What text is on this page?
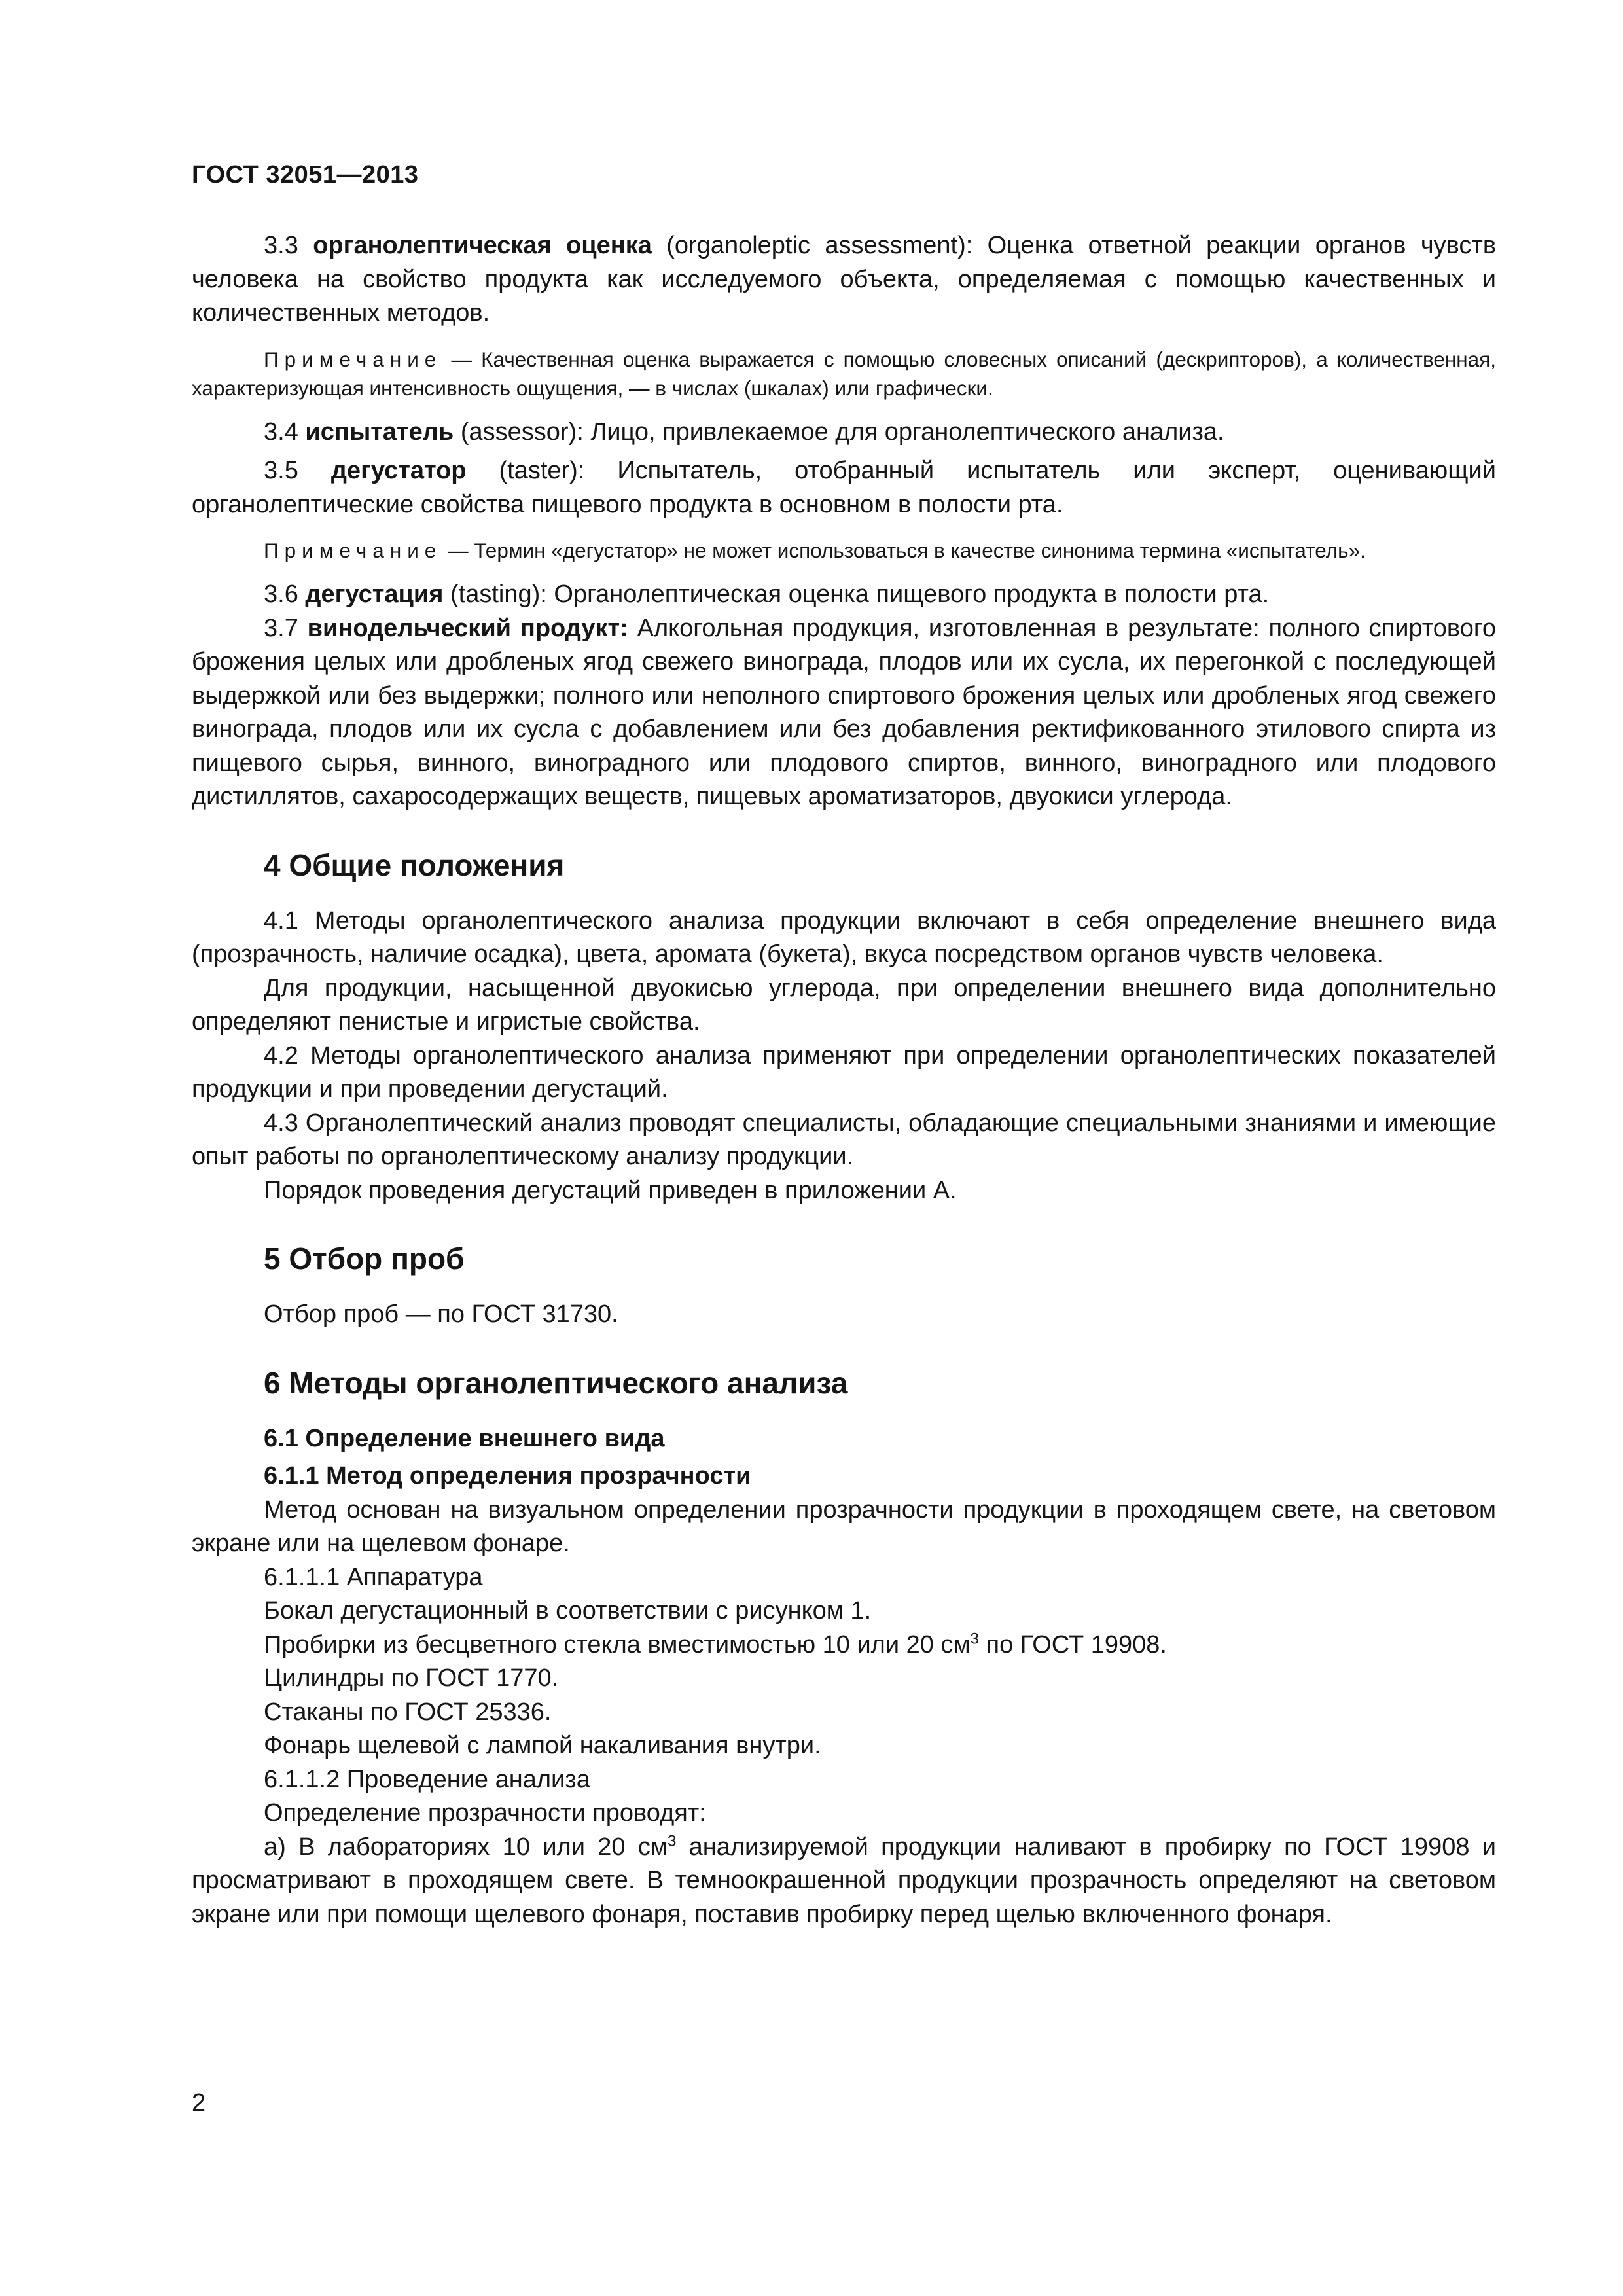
ГОСТ 32051—2013

3.3 органолептическая оценка (organoleptic assessment): Оценка ответной реакции органов чувств человека на свойство продукта как исследуемого объекта, определяемая с помощью качественных и количественных методов.

Примечание — Качественная оценка выражается с помощью словесных описаний (дескрипторов), а количественная, характеризующая интенсивность ощущения, — в числах (шкалах) или графически.

3.4 испытатель (assessor): Лицо, привлекаемое для органолептического анализа.

3.5 дегустатор (taster): Испытатель, отобранный испытатель или эксперт, оценивающий органолептические свойства пищевого продукта в основном в полости рта.

Примечание — Термин «дегустатор» не может использоваться в качестве синонима термина «испытатель».

3.6 дегустация (tasting): Органолептическая оценка пищевого продукта в полости рта.

3.7 винодельческий продукт: Алкогольная продукция, изготовленная в результате: полного спиртового брожения целых или дробленых ягод свежего винограда, плодов или их сусла, их перегонкой с последующей выдержкой или без выдержки; полного или неполного спиртового брожения целых или дробленых ягод свежего винограда, плодов или их сусла с добавлением или без добавления ректификованного этилового спирта из пищевого сырья, винного, виноградного или плодового спиртов, винного, виноградного или плодового дистиллятов, сахаросодержащих веществ, пищевых ароматизаторов, двуокиси углерода.

4 Общие положения

4.1 Методы органолептического анализа продукции включают в себя определение внешнего вида (прозрачность, наличие осадка), цвета, аромата (букета), вкуса посредством органов чувств человека.

Для продукции, насыщенной двуокисью углерода, при определении внешнего вида дополнительно определяют пенистые и игристые свойства.

4.2 Методы органолептического анализа применяют при определении органолептических показателей продукции и при проведении дегустаций.

4.3 Органолептический анализ проводят специалисты, обладающие специальными знаниями и имеющие опыт работы по органолептическому анализу продукции.

Порядок проведения дегустаций приведен в приложении А.

5 Отбор проб

Отбор проб — по ГОСТ 31730.

6 Методы органолептического анализа
6.1 Определение внешнего вида
6.1.1 Метод определения прозрачности

Метод основан на визуальном определении прозрачности продукции в проходящем свете, на световом экране или на щелевом фонаре.

6.1.1.1 Аппаратура

Бокал дегустационный в соответствии с рисунком 1.

Пробирки из бесцветного стекла вместимостью 10 или 20 $см^3$ по ГОСТ 19908.

Цилиндры по ГОСТ 1770.

Стаканы по ГОСТ 25336.

Фонарь щелевой с лампой накаливания внутри.

6.1.1.2 Проведение анализа

Определение прозрачности проводят:

а) В лабораториях 10 или 20 $см^3$ анализируемой продукции наливают в пробирку по ГОСТ 19908 и просматривают в проходящем свете. В темноокрашенной продукции прозрачность определяют на световом экране или при помощи щелевого фонаря, поставив пробирку перед щелью включенного фонаря.

2
